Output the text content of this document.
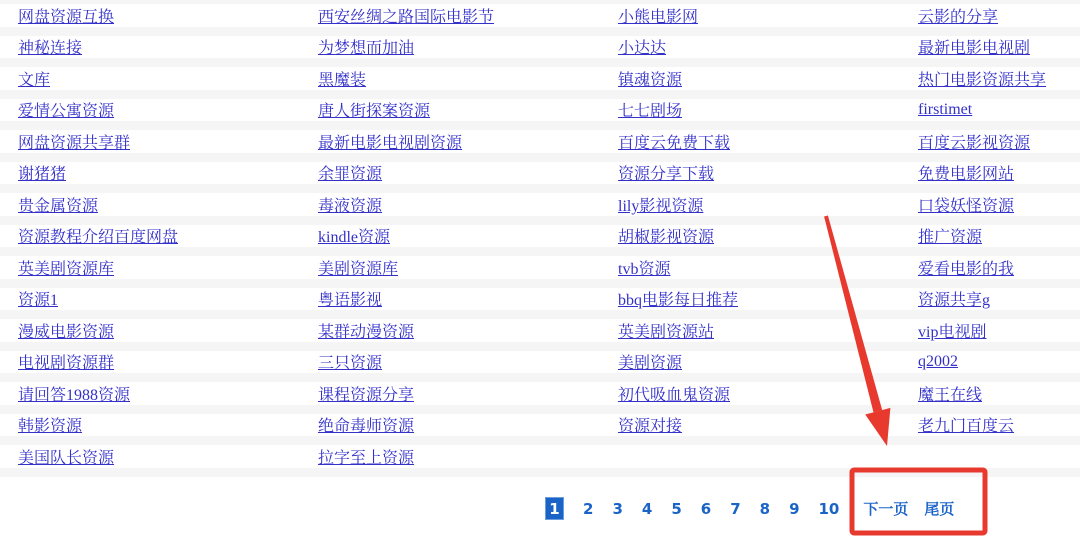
网盘资源互换	西安丝绸之路国际电影节	小熊电影网	云影的分享
神秘连接	为梦想而加油	小达达	最新电影电视剧
文库	黑魔装	镇魂资源	热门电影资源共享
爱情公寓资源	唐人街探案资源	七七剧场	firstimet
网盘资源共享群	最新电影电视剧资源	百度云免费下载	百度云影视资源
谢猪猪	余罪资源	资源分享下载	免费电影网站
贵金属资源	毒液资源	lily影视资源	口袋妖怪资源
资源教程介绍百度网盘	kindle资源	胡椒影视资源	推广资源
英美剧资源库	美剧资源库	tvb资源	爱看电影的我
资源1	粤语影视	bbq电影每日推荐	资源共享g
漫威电影资源	某群动漫资源	英美剧资源站	vip电视剧
电视剧资源群	三只资源	美剧资源	q2002
请回答1988资源	课程资源分享	初代吸血鬼资源	魔王在线
韩影资源	绝命毒师资源	资源对接	老九门百度云
美国队长资源	拉字至上资源
1 2 3 4 5 6 7 8 9 10 下一页 尾页
